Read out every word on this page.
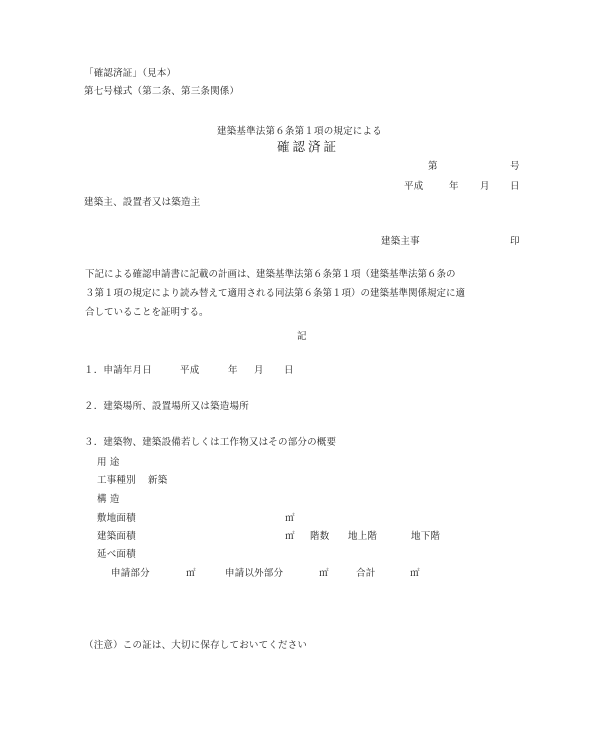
「確認済証」（見本）
第七号様式（第二条、第三条関係）
建築基準法第６条第１項の規定による
確認済証
第	号
平成	年 月 日
建築主、設置者又は築造主
建築主事	印
下記による確認申請書に記載の計画は、建築基準法第６条第１項（建築基準法第６条の
３第１項の規定により読み替えて適用される同法第６条第１項）の建築基準関係規定に適
合していることを証明する。
記
１．申請年月日	平成	年 月 日
２．建築場所、設置場所又は築造場所
３．建築物、建築設備若しくは工作物又はその部分の概要
用 途
工事種別 新築
構 造
敷地面積	㎡
建築面積	㎡ 階数 地上階	地下階
延べ面積
申請部分	㎡	申請以外部分	㎡	合計	㎡
（注意）この証は、大切に保存しておいてください
